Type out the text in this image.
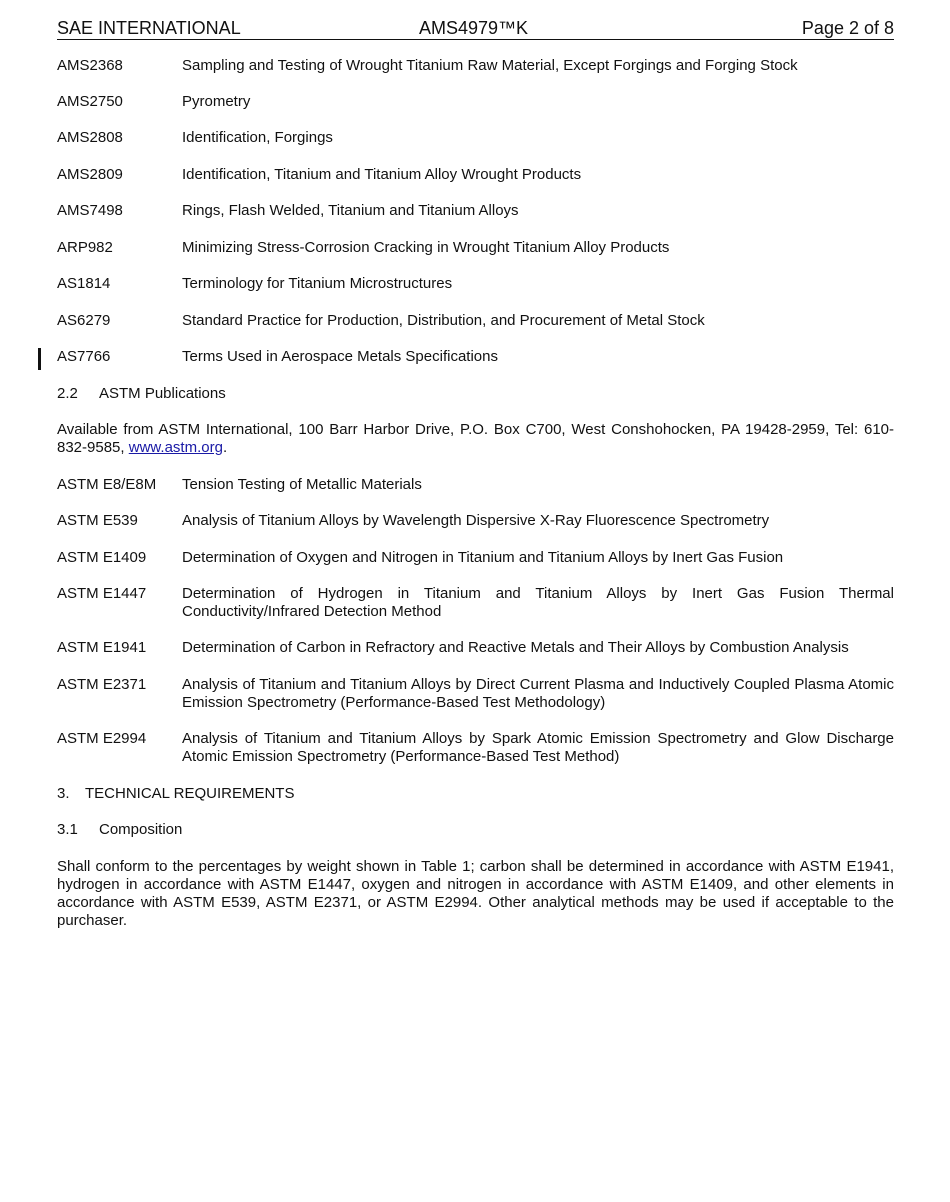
SAE INTERNATIONAL	AMS4979™K	Page 2 of 8
AMS2368	Sampling and Testing of Wrought Titanium Raw Material, Except Forgings and Forging Stock
AMS2750	Pyrometry
AMS2808	Identification, Forgings
AMS2809	Identification, Titanium and Titanium Alloy Wrought Products
AMS7498	Rings, Flash Welded, Titanium and Titanium Alloys
ARP982	Minimizing Stress-Corrosion Cracking in Wrought Titanium Alloy Products
AS1814	Terminology for Titanium Microstructures
AS6279	Standard Practice for Production, Distribution, and Procurement of Metal Stock
AS7766	Terms Used in Aerospace Metals Specifications
2.2 ASTM Publications
Available from ASTM International, 100 Barr Harbor Drive, P.O. Box C700, West Conshohocken, PA 19428-2959, Tel: 610-832-9585, www.astm.org.
ASTM E8/E8M	Tension Testing of Metallic Materials
ASTM E539	Analysis of Titanium Alloys by Wavelength Dispersive X-Ray Fluorescence Spectrometry
ASTM E1409	Determination of Oxygen and Nitrogen in Titanium and Titanium Alloys by Inert Gas Fusion
ASTM E1447	Determination of Hydrogen in Titanium and Titanium Alloys by Inert Gas Fusion Thermal Conductivity/Infrared Detection Method
ASTM E1941	Determination of Carbon in Refractory and Reactive Metals and Their Alloys by Combustion Analysis
ASTM E2371	Analysis of Titanium and Titanium Alloys by Direct Current Plasma and Inductively Coupled Plasma Atomic Emission Spectrometry (Performance-Based Test Methodology)
ASTM E2994	Analysis of Titanium and Titanium Alloys by Spark Atomic Emission Spectrometry and Glow Discharge Atomic Emission Spectrometry (Performance-Based Test Method)
3. TECHNICAL REQUIREMENTS
3.1 Composition
Shall conform to the percentages by weight shown in Table 1; carbon shall be determined in accordance with ASTM E1941, hydrogen in accordance with ASTM E1447, oxygen and nitrogen in accordance with ASTM E1409, and other elements in accordance with ASTM E539, ASTM E2371, or ASTM E2994. Other analytical methods may be used if acceptable to the purchaser.
